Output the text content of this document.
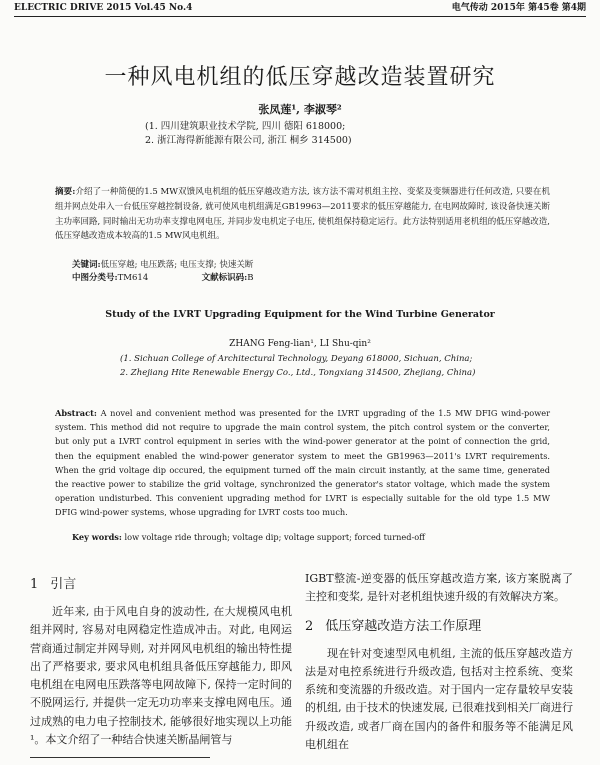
ELECTRIC DRIVE 2015 Vol.45 No.4	电气传动 2015年 第45卷 第4期
一种风电机组的低压穿越改造装置研究
张凤莲¹, 李淑琴²
(1. 四川建筑职业技术学院, 四川 德阳 618000;
2. 浙江海得新能源有限公司, 浙江 桐乡 314500)
摘要:介绍了一种简便的1.5 MW双馈风电机组的低压穿越改造方法, 该方法不需对机组主控、变桨及变频器进行任何改造, 只要在机组并网点处串入一台低压穿越控制设备, 就可使风电机组满足GB19963—2011要求的低压穿越能力, 在电网故障时, 该设备快速关断主功率回路, 同时输出无功功率支撑电网电压, 并同步发电机定子电压, 使机组保持稳定运行。此方法特别适用老机组的低压穿越改造, 低压穿越改造成本较高的1.5 MW风电机组。
关键词:低压穿越; 电压跌落; 电压支撑; 快速关断
中图分类号:TM614	文献标识码:B
Study of the LVRT Upgrading Equipment for the Wind Turbine Generator
ZHANG Feng-lian¹, LI Shu-qin²
(1. Sichuan College of Architectural Technology, Deyang 618000, Sichuan, China;
2. Zhejiang Hite Renewable Energy Co., Ltd., Tongxiang 314500, Zhejiang, China)
Abstract: A novel and convenient method was presented for the LVRT upgrading of the 1.5 MW DFIG wind-power system. This method did not require to upgrade the main control system, the pitch control system or the converter, but only put a LVRT control equipment in series with the wind-power generator at the point of connection the grid, then the equipment enabled the wind-power generator system to meet the GB19963—2011's LVRT requirements. When the grid voltage dip occured, the equipment turned off the main circuit instantly, at the same time, generated the reactive power to stabilize the grid voltage, synchronized the generator's stator voltage, which made the system operation undisturbed. This convenient upgrading method for LVRT is especially suitable for the old type 1.5 MW DFIG wind-power systems, whose upgrading for LVRT costs too much.
Key words: low voltage ride through; voltage dip; voltage support; forced turned-off
1 引言

近年来, 由于风电自身的波动性, 在大规模风电机组并网时, 容易对电网稳定性造成冲击。对此, 电网运营商通过制定并网导则, 对并网风电机组的输出特性提出了严格要求, 要求风电机组具备低压穿越能力, 即风电机组在电网电压跌落等电网故障下, 保持一定时间的不脱网运行, 并提供一定无功功率来支撑电网电压。通过成熟的电力电子控制技术, 能够很好地实现以上功能¹。本文介绍了一种结合快速关断晶闸管与

IGBT整流-逆变器的低压穿越改造方案, 该方案脱离了主控和变桨, 是针对老机组快速升级的有效解决方案。

2 低压穿越改造方法工作原理

现在针对变速型风电机组, 主流的低压穿越改造方法是对电控系统进行升级改造, 包括对主控系统、变桨系统和变流器的升级改造。对于国内一定存量较早安装的机组, 由于技术的快速发展, 已很难找到相关厂商进行升级改造, 或者厂商在国内的备件和服务等不能满足风电机组在
